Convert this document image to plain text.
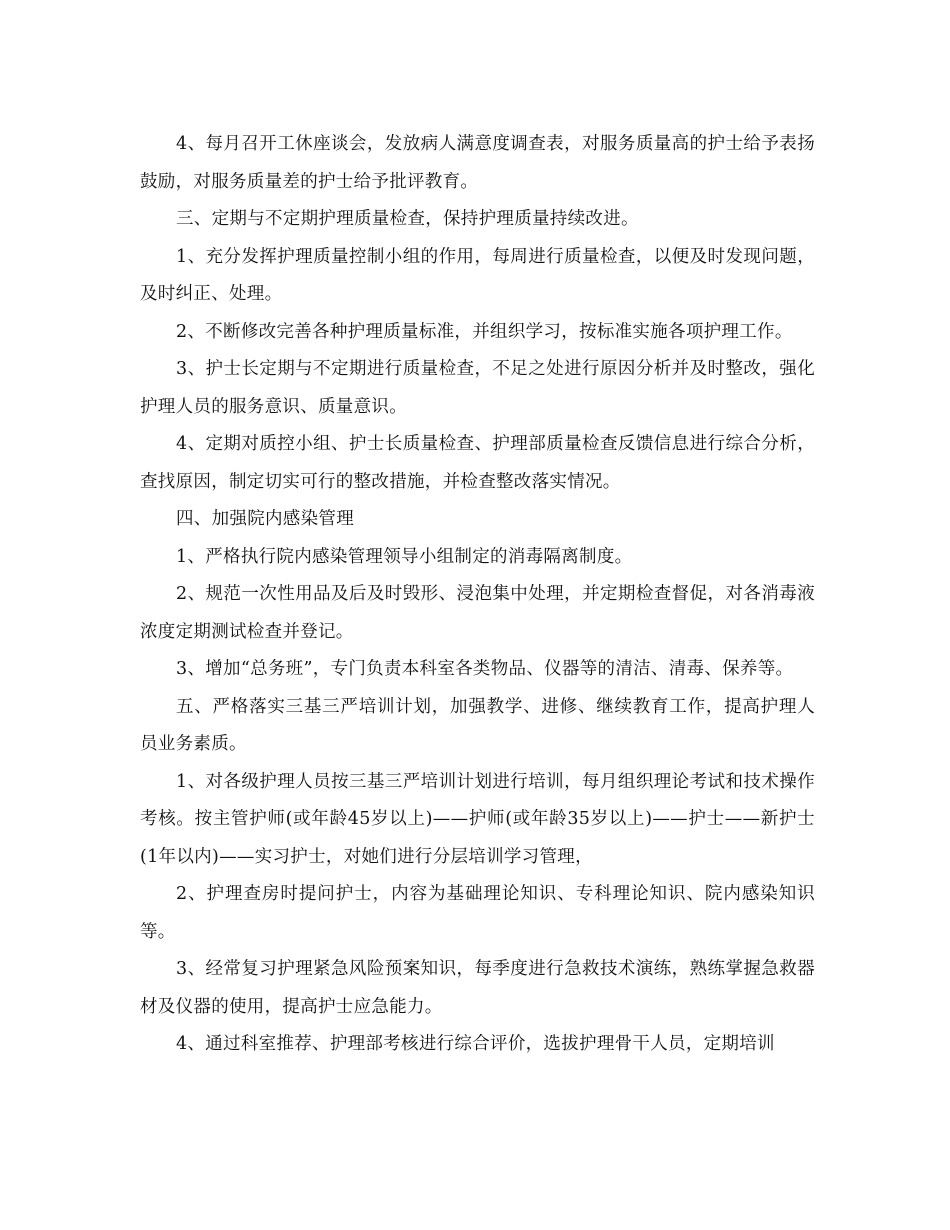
4、每月召开工休座谈会，发放病人满意度调查表，对服务质量高的护士给予表扬鼓励，对服务质量差的护士给予批评教育。

三、定期与不定期护理质量检查，保持护理质量持续改进。

1、充分发挥护理质量控制小组的作用，每周进行质量检查，以便及时发现问题，及时纠正、处理。

2、不断修改完善各种护理质量标准，并组织学习，按标准实施各项护理工作。

3、护士长定期与不定期进行质量检查，不足之处进行原因分析并及时整改，强化护理人员的服务意识、质量意识。

4、定期对质控小组、护士长质量检查、护理部质量检查反馈信息进行综合分析，查找原因，制定切实可行的整改措施，并检查整改落实情况。

四、加强院内感染管理

1、严格执行院内感染管理领导小组制定的消毒隔离制度。

2、规范一次性用品及后及时毁形、浸泡集中处理，并定期检查督促，对各消毒液浓度定期测试检查并登记。

3、增加“总务班”，专门负责本科室各类物品、仪器等的清洁、清毒、保养等。

五、严格落实三基三严培训计划，加强教学、进修、继续教育工作，提高护理人员业务素质。

1、对各级护理人员按三基三严培训计划进行培训，每月组织理论考试和技术操作考核。按主管护师(或年龄45岁以上)——护师(或年龄35岁以上)——护士——新护士(1年以内)——实习护士，对她们进行分层培训学习管理，

2、护理查房时提问护士，内容为基础理论知识、专科理论知识、院内感染知识等。

3、经常复习护理紧急风险预案知识，每季度进行急救技术演练，熟练掌握急救器材及仪器的使用，提高护士应急能力。

4、通过科室推荐、护理部考核进行综合评价，选拔护理骨干人员，定期培训
